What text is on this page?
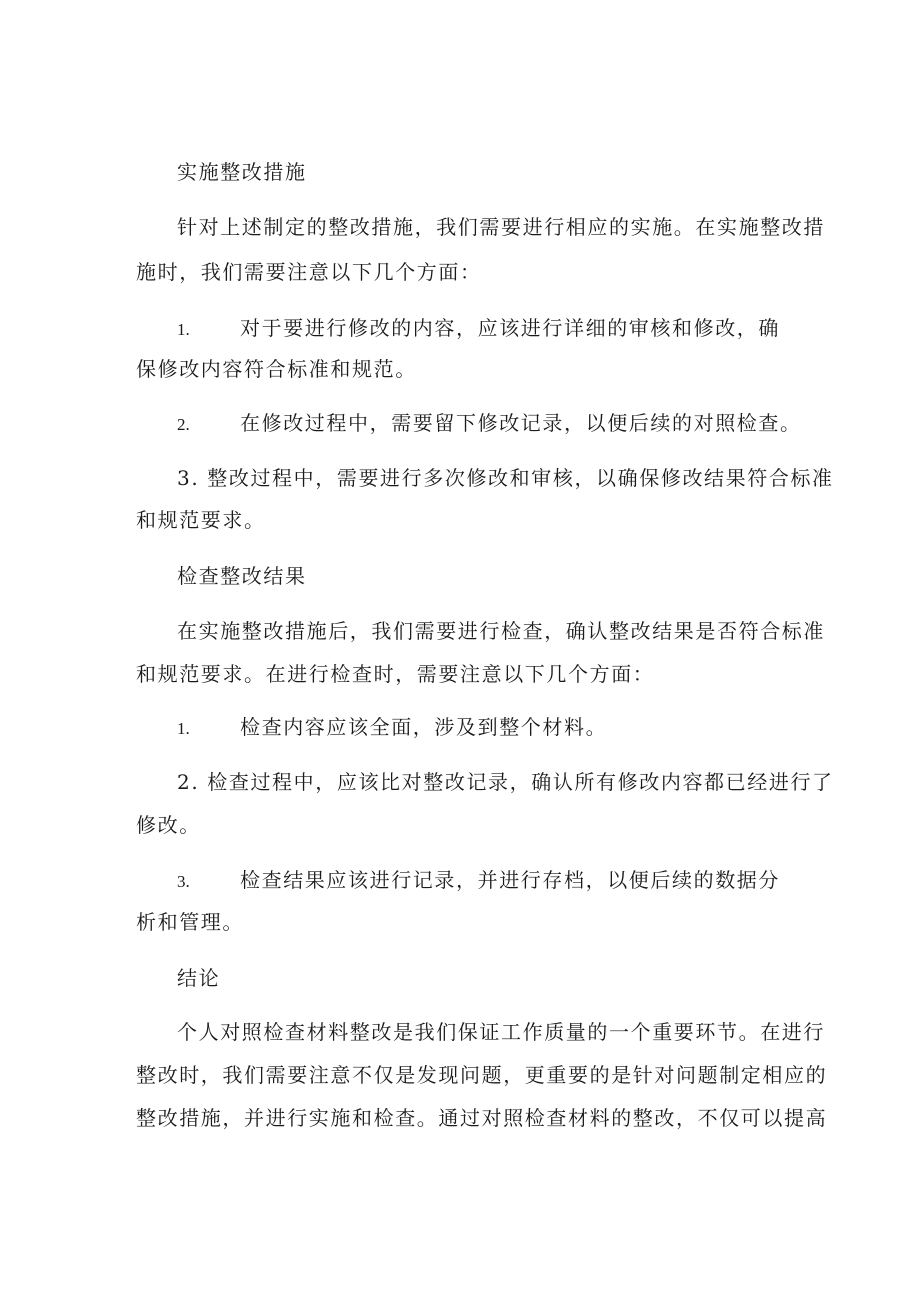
实施整改措施
针对上述制定的整改措施，我们需要进行相应的实施。在实施整改措
施时，我们需要注意以下几个方面：
1.	对于要进行修改的内容，应该进行详细的审核和修改，确
保修改内容符合标准和规范。
2.	在修改过程中，需要留下修改记录，以便后续的对照检查。
3. 整改过程中，需要进行多次修改和审核，以确保修改结果符合标准
和规范要求。
检查整改结果
在实施整改措施后，我们需要进行检查，确认整改结果是否符合标准
和规范要求。在进行检查时，需要注意以下几个方面：
1.	检查内容应该全面，涉及到整个材料。
2. 检查过程中，应该比对整改记录，确认所有修改内容都已经进行了
修改。
3.	检查结果应该进行记录，并进行存档，以便后续的数据分
析和管理。
结论
个人对照检查材料整改是我们保证工作质量的一个重要环节。在进行
整改时，我们需要注意不仅是发现问题，更重要的是针对问题制定相应的
整改措施，并进行实施和检查。通过对照检查材料的整改，不仅可以提高
